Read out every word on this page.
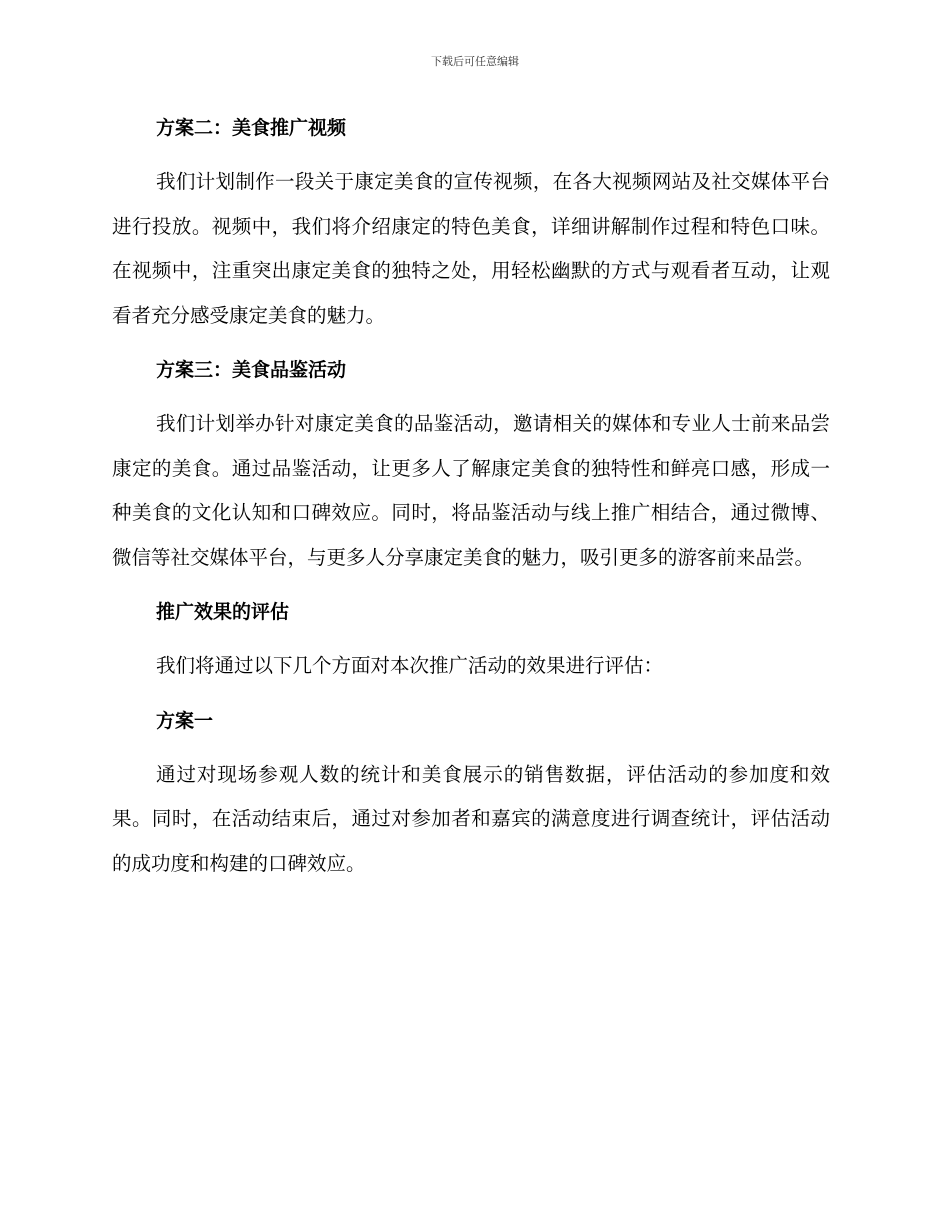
下载后可任意编辑
方案二：美食推广视频

我们计划制作一段关于康定美食的宣传视频，在各大视频网站及社交媒体平台进行投放。视频中，我们将介绍康定的特色美食，详细讲解制作过程和特色口味。在视频中，注重突出康定美食的独特之处，用轻松幽默的方式与观看者互动，让观看者充分感受康定美食的魅力。

方案三：美食品鉴活动

我们计划举办针对康定美食的品鉴活动，邀请相关的媒体和专业人士前来品尝康定的美食。通过品鉴活动，让更多人了解康定美食的独特性和鲜亮口感，形成一种美食的文化认知和口碑效应。同时，将品鉴活动与线上推广相结合，通过微博、微信等社交媒体平台，与更多人分享康定美食的魅力，吸引更多的游客前来品尝。

推广效果的评估

我们将通过以下几个方面对本次推广活动的效果进行评估：

方案一

通过对现场参观人数的统计和美食展示的销售数据，评估活动的参加度和效果。同时，在活动结束后，通过对参加者和嘉宾的满意度进行调查统计，评估活动的成功度和构建的口碑效应。
